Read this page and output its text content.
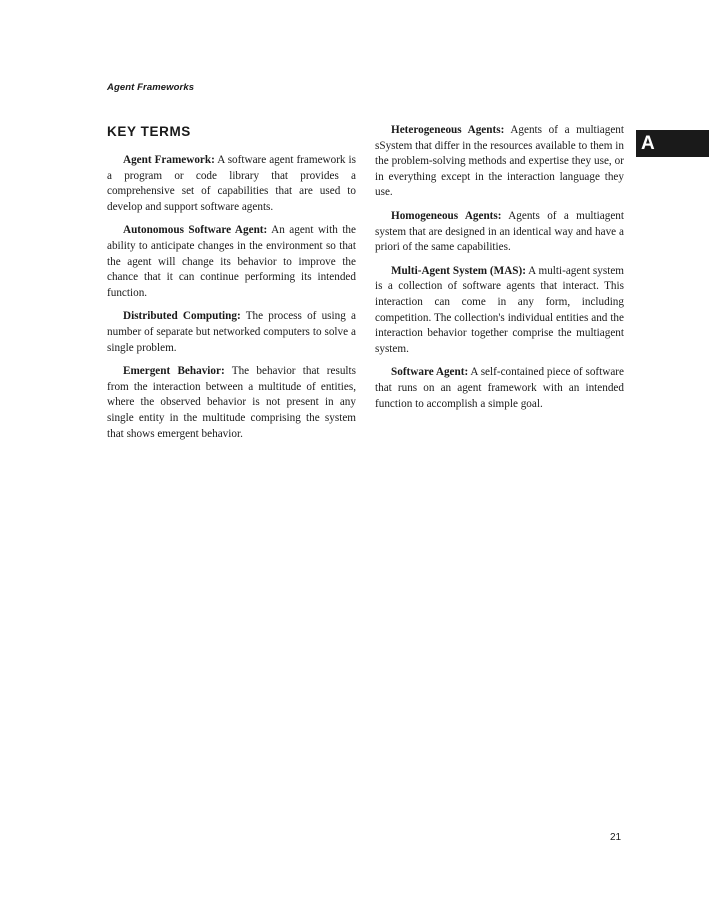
Agent Frameworks
A
KEY TERMS

Agent Framework: A software agent framework is a program or code library that provides a comprehensive set of capabilities that are used to develop and support software agents.

Autonomous Software Agent: An agent with the ability to anticipate changes in the environment so that the agent will change its behavior to improve the chance that it can continue performing its intended function.

Distributed Computing: The process of using a number of separate but networked computers to solve a single problem.

Emergent Behavior: The behavior that results from the interaction between a multitude of entities, where the observed behavior is not present in any single entity in the multitude comprising the system that shows emergent behavior.

Heterogeneous Agents: Agents of a multiagent sSystem that differ in the resources available to them in the problem-solving methods and expertise they use, or in everything except in the interaction language they use.

Homogeneous Agents: Agents of a multiagent system that are designed in an identical way and have a priori of the same capabilities.

Multi-Agent System (MAS): A multi-agent system is a collection of software agents that interact. This interaction can come in any form, including competition. The collection's individual entities and the interaction behavior together comprise the multiagent system.

Software Agent: A self-contained piece of software that runs on an agent framework with an intended function to accomplish a simple goal.

21
